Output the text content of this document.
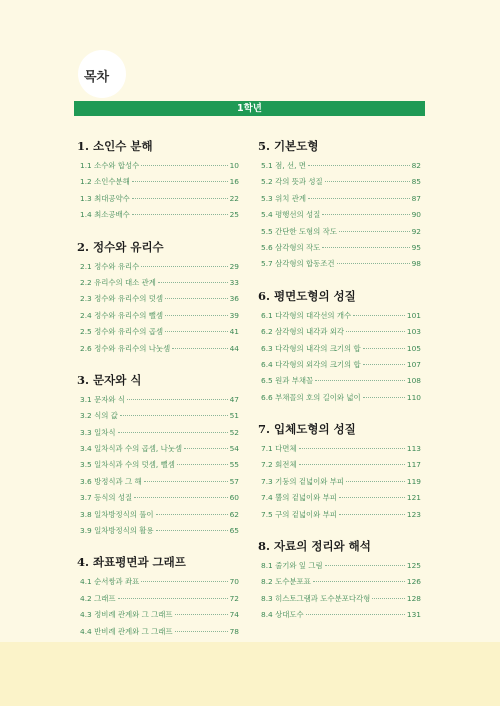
목차
1학년
1. 소인수 분해
1.1 소수와 합성수	10
1.2 소인수분해	16
1.3 최대공약수	22
1.4 최소공배수	25
2. 정수와 유리수
2.1 정수와 유리수	29
2.2 유리수의 대소 관계	33
2.3 정수와 유리수의 덧셈	36
2.4 정수와 유리수의 뺄셈	39
2.5 정수와 유리수의 곱셈	41
2.6 정수와 유리수의 나눗셈	44
3. 문자와 식
3.1 문자와 식	47
3.2 식의 값	51
3.3 일차식	52
3.4 일차식과 수의 곱셈, 나눗셈	54
3.5 일차식과 수의 덧셈, 뺄셈	55
3.6 방정식과 그 해	57
3.7 등식의 성질	60
3.8 일차방정식의 풀이	62
3.9 일차방정식의 활용	65
4. 좌표평면과 그래프
4.1 순서쌍과 좌표	70
4.2 그래프	72
4.3 정비례 관계와 그 그래프	74
4.4 반비례 관계와 그 그래프	78
5. 기본도형
5.1 점, 선, 면	82
5.2 각의 뜻과 성질	85
5.3 위치 관계	87
5.4 평행선의 성질	90
5.5 간단한 도형의 작도	92
5.6 삼각형의 작도	95
5.7 삼각형의 합동조건	98
6. 평면도형의 성질
6.1 다각형의 대각선의 개수	101
6.2 삼각형의 내각과 외각	103
6.3 다각형의 내각의 크기의 합	105
6.4 다각형의 외각의 크기의 합	107
6.5 원과 부채꼴	108
6.6 부채꼴의 호의 길이와 넓이	110
7. 입체도형의 성질
7.1 다면체	113
7.2 회전체	117
7.3 기둥의 겉넓이와 부피	119
7.4 뿔의 겉넓이와 부피	121
7.5 구의 겉넓이와 부피	123
8. 자료의 정리와 해석
8.1 줄기와 잎 그림	125
8.2 도수분포표	126
8.3 히스토그램과 도수분포다각형	128
8.4 상대도수	131
